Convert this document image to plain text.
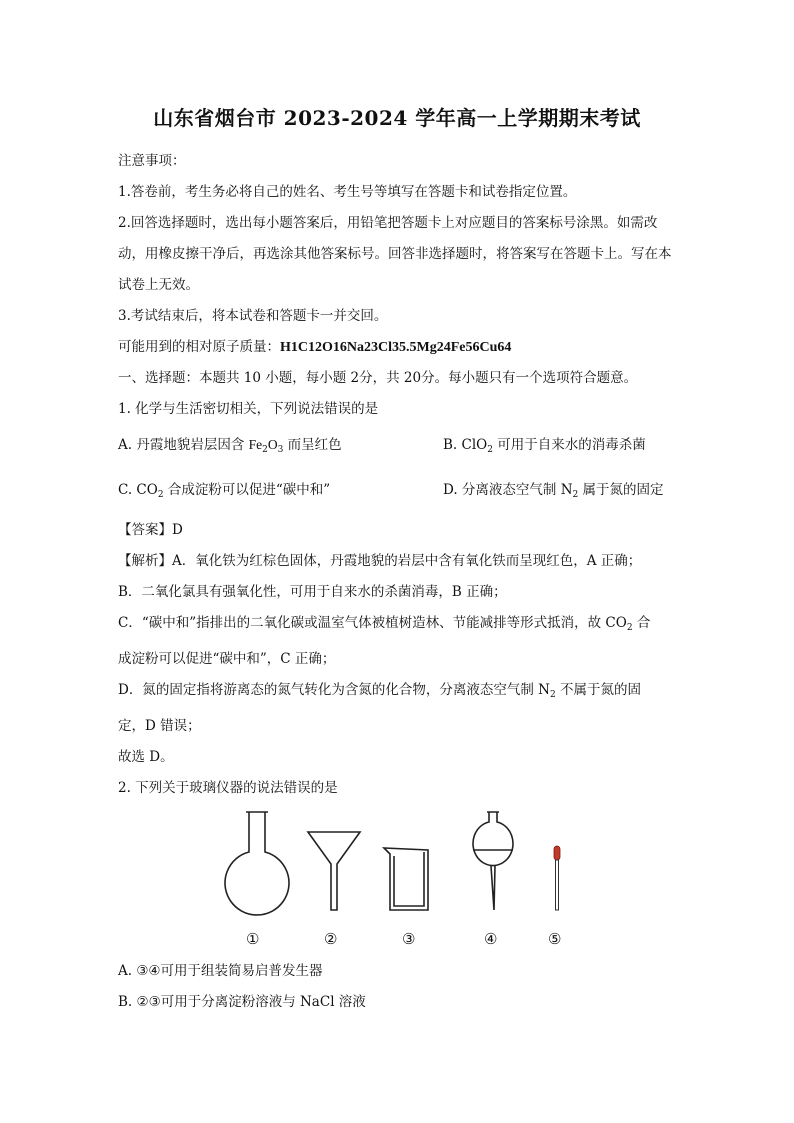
山东省烟台市 2023-2024 学年高一上学期期末考试

注意事项：

1.答卷前，考生务必将自己的姓名、考生号等填写在答题卡和试卷指定位置。

2.回答选择题时，选出每小题答案后，用铅笔把答题卡上对应题目的答案标号涂黑。如需改动，用橡皮擦干净后，再选涂其他答案标号。回答非选择题时，将答案写在答题卡上。写在本试卷上无效。

3.考试结束后，将本试卷和答题卡一并交回。

可能用到的相对原子质量：H1C12O16Na23Cl35.5Mg24Fe56Cu64

一、选择题：本题共 10 小题，每小题 2分，共 20分。每小题只有一个选项符合题意。

1. 化学与生活密切相关，下列说法错误的是

A. 丹霞地貌岩层因含 $Fe_2O_3$ 而呈红色	B. ClO$_2$ 可用于自来水的消毒杀菌
C. $CO_2$ 合成淀粉可以促进“碳中和”	D. 分离液态空气制 $N_2$ 属于氮的固定

【答案】D

【解析】A．氧化铁为红棕色固体，丹霞地貌的岩层中含有氧化铁而呈现红色，A 正确；

B．二氧化氯具有强氧化性，可用于自来水的杀菌消毒，B 正确；

C．“碳中和”指排出的二氧化碳或温室气体被植树造林、节能减排等形式抵消，故 $CO_2$ 合

成淀粉可以促进“碳中和”，C 正确；

D．氮的固定指将游离态的氮气转化为含氮的化合物，分离液态空气制 $N_2$ 不属于氮的固

定，D 错误；

故选 D。

2. 下列关于玻璃仪器的说法错误的是

①	②	③	④	⑤

A. ③④可用于组装简易启普发生器

B. ②③可用于分离淀粉溶液与 NaCl 溶液
